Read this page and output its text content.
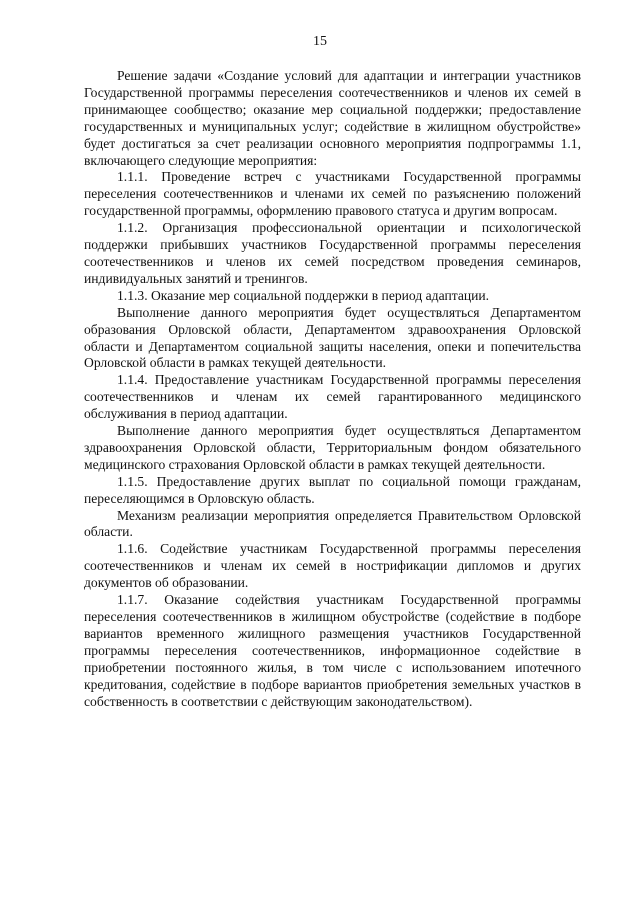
15

Решение задачи «Создание условий для адаптации и интеграции участников Государственной программы переселения соотечественников и членов их семей в принимающее сообщество; оказание мер социальной поддержки; предоставление государственных и муниципальных услуг; содействие в жилищном обустройстве» будет достигаться за счет реализации основного мероприятия подпрограммы 1.1, включающего следующие мероприятия:

1.1.1. Проведение встреч с участниками Государственной программы переселения соотечественников и членами их семей по разъяснению положений государственной программы, оформлению правового статуса и другим вопросам.

1.1.2. Организация профессиональной ориентации и психологической поддержки прибывших участников Государственной программы переселения соотечественников и членов их семей посредством проведения семинаров, индивидуальных занятий и тренингов.

1.1.3. Оказание мер социальной поддержки в период адаптации.

Выполнение данного мероприятия будет осуществляться Департаментом образования Орловской области, Департаментом здравоохранения Орловской области и Департаментом социальной защиты населения, опеки и попечительства Орловской области в рамках текущей деятельности.

1.1.4. Предоставление участникам Государственной программы переселения соотечественников и членам их семей гарантированного медицинского обслуживания в период адаптации.

Выполнение данного мероприятия будет осуществляться Департаментом здравоохранения Орловской области, Территориальным фондом обязательного медицинского страхования Орловской области в рамках текущей деятельности.

1.1.5. Предоставление других выплат по социальной помощи гражданам, переселяющимся в Орловскую область.

Механизм реализации мероприятия определяется Правительством Орловской области.

1.1.6. Содействие участникам Государственной программы переселения соотечественников и членам их семей в нострификации дипломов и других документов об образовании.

1.1.7. Оказание содействия участникам Государственной программы переселения соотечественников в жилищном обустройстве (содействие в подборе вариантов временного жилищного размещения участников Государственной программы переселения соотечественников, информационное содействие в приобретении постоянного жилья, в том числе с использованием ипотечного кредитования, содействие в подборе вариантов приобретения земельных участков в собственность в соответствии с действующим законодательством).
